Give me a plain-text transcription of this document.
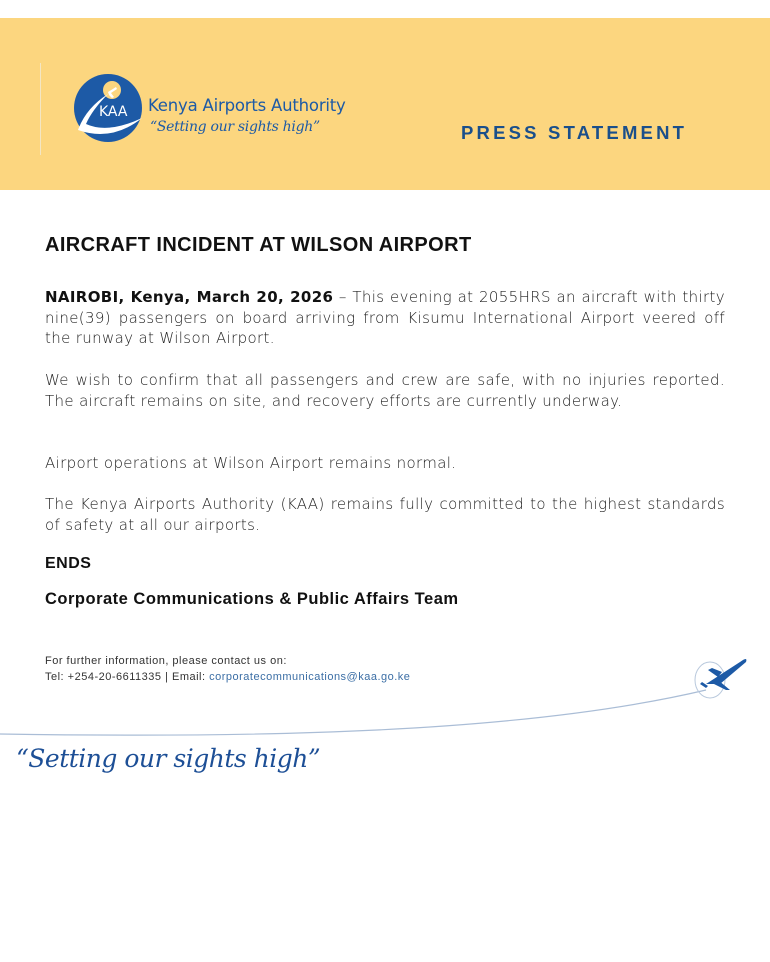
KAA Kenya Airports Authority
“Setting our sights high”	PRESS STATEMENT
AIRCRAFT INCIDENT AT WILSON AIRPORT

NAIROBI, Kenya, March 20, 2026 – This evening at 2055HRS an aircraft with thirty nine(39) passengers on board arriving from Kisumu International Airport veered off the runway at Wilson Airport.

We wish to confirm that all passengers and crew are safe, with no injuries reported. The aircraft remains on site, and recovery efforts are currently underway.

Airport operations at Wilson Airport remains normal.

The Kenya Airports Authority (KAA) remains fully committed to the highest standards of safety at all our airports.

ENDS
Corporate Communications & Public Affairs Team
For further information, please contact us on:
Tel: +254-20-6611335 | Email: corporatecommunications@kaa.go.ke
“Setting our sights high”
